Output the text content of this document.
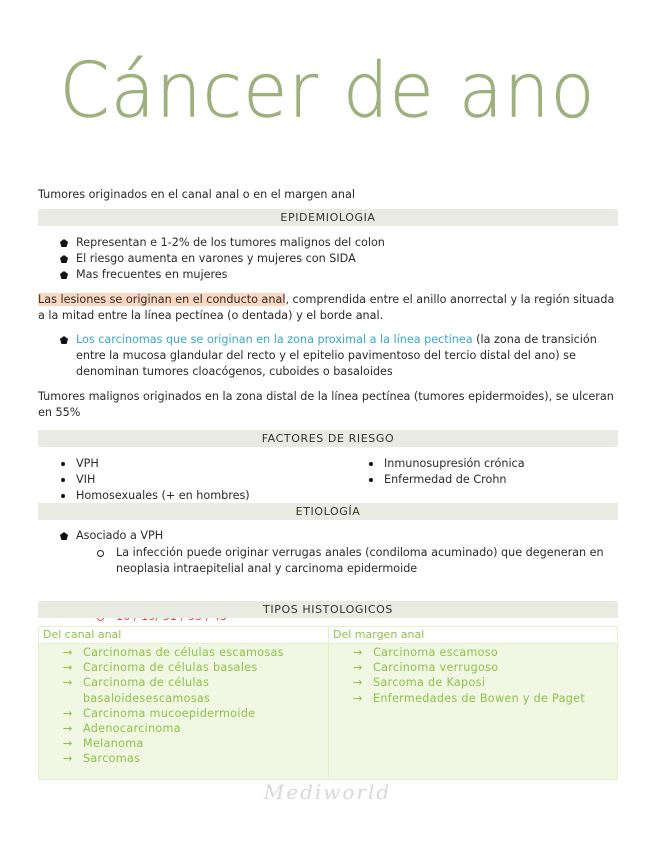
Cáncer de ano
Tumores originados en el canal anal o en el margen anal
EPIDEMIOLOGIA
Representan e 1-2% de los tumores malignos del colon
El riesgo aumenta en varones y mujeres con SIDA
Mas frecuentes en mujeres
Las lesiones se originan en el conducto anal, comprendida entre el anillo anorrectal y la región situada a la mitad entre la línea pectínea (o dentada) y el borde anal.
Los carcinomas que se originan en la zona proximal a la línea pectínea (la zona de transición entre la mucosa glandular del recto y el epitelio pavimentoso del tercio distal del ano) se denominan tumores cloacógenos, cuboides o basaloides
Tumores malignos originados en la zona distal de la línea pectínea (tumores epidermoides), se ulceran en 55%
FACTORES DE RIESGO
VPH
VIH
Homosexuales (+ en hombres)
Inmunosupresión crónica
Enfermedad de Crohn
ETIOLOGÍA
Asociado a VPH
La infección puede originar verrugas anales (condiloma acuminado) que degeneran en neoplasia intraepitelial anal y carcinoma epidermoide
TIPOS HISTOLOGICOS
Del canal anal	Del margen anal

→ Carcinomas de células escamosas
→ Carcinoma de células basales
→ Carcinoma de células basaloidesescamosas
→ Carcinoma mucoepidermoide
→ Adenocarcinoma
→ Melanoma
→ Sarcomas

→ Carcinoma escamoso
→ Carcinoma verrugoso
→ Sarcoma de Kaposi
→ Enfermedades de Bowen y de Paget
Mediworld
